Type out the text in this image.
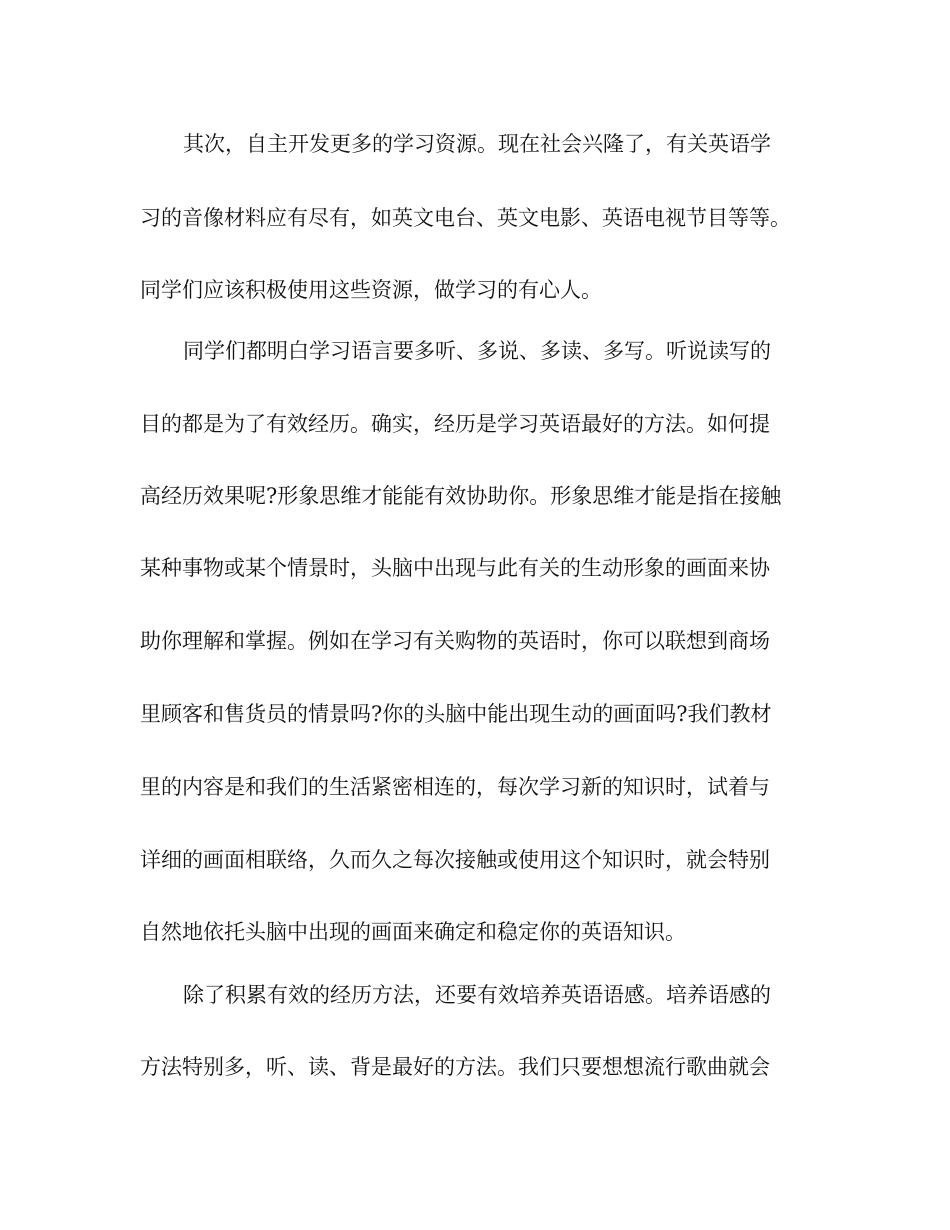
其次，自主开发更多的学习资源。现在社会兴隆了，有关英语学

习的音像材料应有尽有，如英文电台、英文电影、英语电视节目等等。

同学们应该积极使用这些资源，做学习的有心人。

同学们都明白学习语言要多听、多说、多读、多写。听说读写的

目的都是为了有效经历。确实，经历是学习英语最好的方法。如何提

高经历效果呢?形象思维才能能有效协助你。形象思维才能是指在接触

某种事物或某个情景时，头脑中出现与此有关的生动形象的画面来协

助你理解和掌握。例如在学习有关购物的英语时，你可以联想到商场

里顾客和售货员的情景吗?你的头脑中能出现生动的画面吗?我们教材

里的内容是和我们的生活紧密相连的，每次学习新的知识时，试着与

详细的画面相联络，久而久之每次接触或使用这个知识时，就会特别

自然地依托头脑中出现的画面来确定和稳定你的英语知识。

除了积累有效的经历方法，还要有效培养英语语感。培养语感的

方法特别多，听、读、背是最好的方法。我们只要想想流行歌曲就会
